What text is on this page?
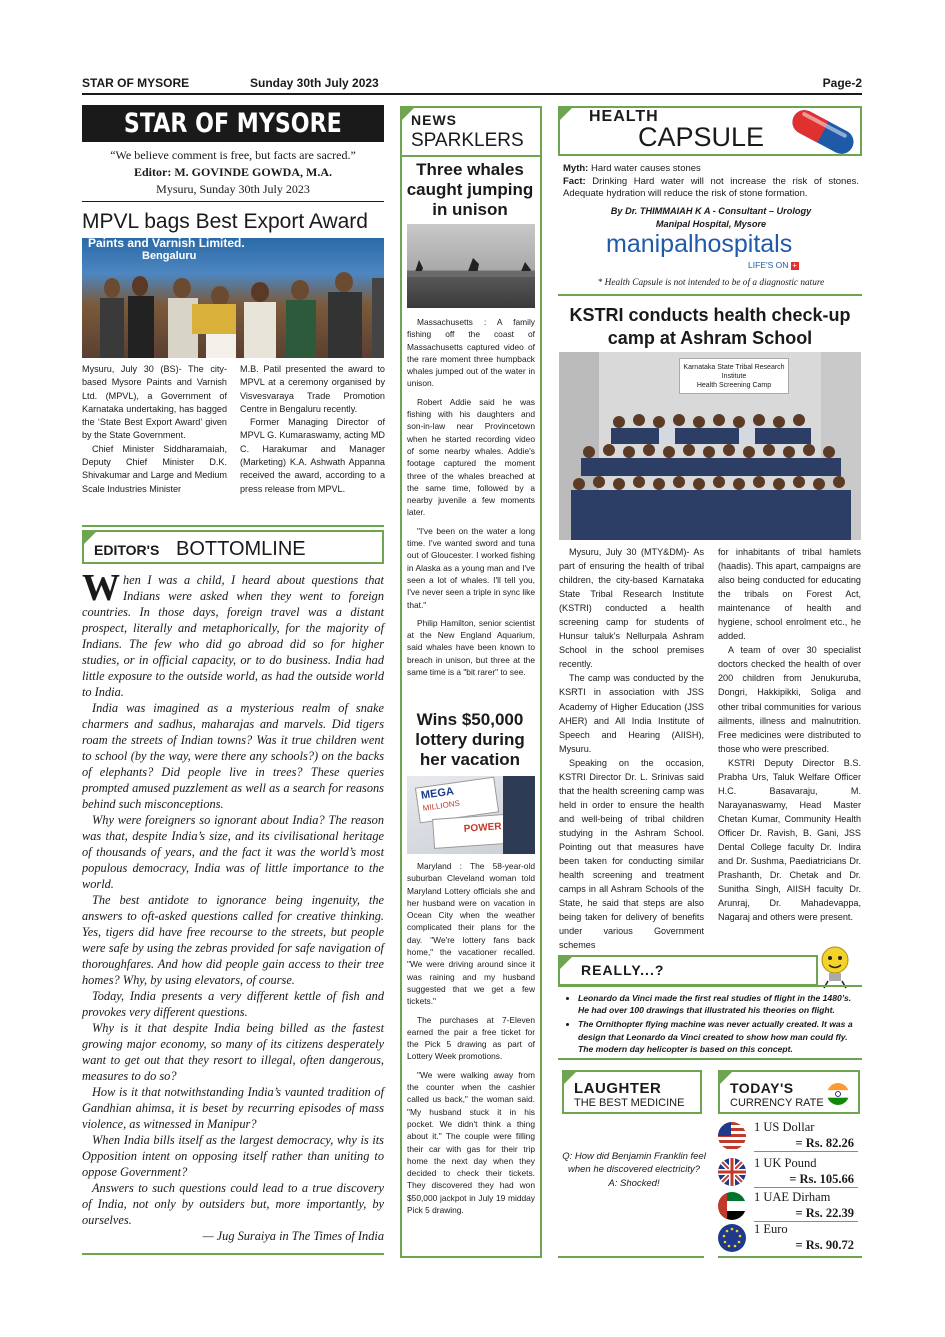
STAR OF MYSORE	Sunday 30th July 2023	Page-2
STAR OF MYSORE
“We believe comment is free, but facts are sacred.”
Editor: M. GOVINDE GOWDA, M.A.
Mysuru, Sunday 30th July 2023
MPVL bags Best Export Award
Paints and Varnish Limited.
Bengaluru

Mysuru, July 30 (BS)- The city-based Mysore Paints and Varnish Ltd. (MPVL), a Government of Karnataka undertaking, has bagged the ‘State Best Export Award’ given by the State Government.

Chief Minister Siddharamaiah, Deputy Chief Minister D.K. Shivakumar and Large and Medium Scale Industries Minister

M.B. Patil presented the award to MPVL at a ceremony organised by Visvesvaraya Trade Promotion Centre in Bengaluru recently.

Former Managing Director of MPVL G. Kumaraswamy, acting MD C. Harakumar and Manager (Marketing) K.A. Ashwath Appanna received the award, according to a press release from MPVL.

EDITOR'S BOTTOMLINE

When I was a child, I heard about questions that Indians were asked when they went to foreign countries. In those days, foreign travel was a distant prospect, literally and metaphorically, for the majority of Indians. The few who did go abroad did so for higher studies, or in official capacity, or to do business. India had little exposure to the outside world, as had the outside world to India.

India was imagined as a mysterious realm of snake charmers and sadhus, maharajas and marvels. Did tigers roam the streets of Indian towns? Was it true children went to school (by the way, were there any schools?) on the backs of elephants? Did people live in trees? These queries prompted amused puzzlement as well as a search for reasons behind such misconceptions.

Why were foreigners so ignorant about India? The reason was that, despite India’s size, and its civilisational heritage of thousands of years, and the fact it was the world’s most populous democracy, India was of little importance to the world.

The best antidote to ignorance being ingenuity, the answers to oft-asked questions called for creative thinking. Yes, tigers did have free recourse to the streets, but people were safe by using the zebras provided for safe navigation of thoroughfares. And how did people gain access to their tree homes? Why, by using elevators, of course.

Today, India presents a very different kettle of fish and provokes very different questions.

Why is it that despite India being billed as the fastest growing major economy, so many of its citizens desperately want to get out that they resort to illegal, often dangerous, measures to do so?

How is it that notwithstanding India’s vaunted tradition of Gandhian ahimsa, it is beset by recurring episodes of mass violence, as witnessed in Manipur?

When India bills itself as the largest democracy, why is its Opposition intent on opposing itself rather than uniting to oppose Government?

Answers to such questions could lead to a true discovery of India, not only by outsiders but, more importantly, by ourselves.

— Jug Suraiya in The Times of India

NEWS
SPARKLERS
Three whales caught jumping in unison

Massachusetts : A family fishing off the coast of Massachusetts captured video of the rare moment three humpback whales jumped out of the water in unison.

Robert Addie said he was fishing with his daughters and son-in-law near Provincetown when he started recording video of some nearby whales. Addie's footage captured the moment three of the whales breached at the same time, followed by a nearby juvenile a few moments later.

"I've been on the water a long time. I've wanted sword and tuna out of Gloucester. I worked fishing in Alaska as a young man and I've seen a lot of whales. I'll tell you, I've never seen a triple in sync like that."

Philip Hamilton, senior scientist at the New England Aquarium, said whales have been known to breach in unison, but three at the same time is a "bit rarer" to see.

Wins $50,000 lottery during her vacation
MEGA
MILLIONS
POWER

Maryland : The 58-year-old suburban Cleveland woman told Maryland Lottery officials she and her husband were on vacation in Ocean City when the weather complicated their plans for the day. "We're lottery fans back home," the vacationer recalled. "We were driving around since it was raining and my husband suggested that we get a few tickets."

The purchases at 7-Eleven earned the pair a free ticket for the Pick 5 drawing as part of Lottery Week promotions.

"We were walking away from the counter when the cashier called us back," the woman said. "My husband stuck it in his pocket. We didn't think a thing about it." The couple were filling their car with gas for their trip home the next day when they decided to check their tickets. They discovered they had won $50,000 jackpot in July 19 midday Pick 5 drawing.

HEALTH
CAPSULE
Myth: Hard water causes stones
Fact: Drinking Hard water will not increase the risk of stones. Adequate hydration will reduce the risk of stone formation.
By Dr. THIMMAIAH K A - Consultant – Urology
Manipal Hospital, Mysore
manipalhospitals
LIFE'S ON +
* Health Capsule is not intended to be of a diagnostic nature
KSTRI conducts health check-up camp at Ashram School
Karnataka State Tribal Research Institute
Health Screening Camp

Mysuru, July 30 (MTY&DM)- As part of ensuring the health of tribal children, the city-based Karnataka State Tribal Research Institute (KSTRI) conducted a health screening camp for students of Hunsur taluk’s Nellurpala Ashram School in the school premises recently.

The camp was conducted by the KSRTI in association with JSS Academy of Higher Education (JSS AHER) and All India Institute of Speech and Hearing (AIISH), Mysuru.

Speaking on the occasion, KSTRI Director Dr. L. Srinivas said that the health screening camp was held in order to ensure the health and well-being of tribal children studying in the Ashram School. Pointing out that measures have been taken for conducting similar health screening and treatment camps in all Ashram Schools of the State, he said that steps are also being taken for delivery of benefits under various Government schemes

for inhabitants of tribal hamlets (haadis). This apart, campaigns are also being conducted for educating the tribals on Forest Act, maintenance of health and hygiene, school enrolment etc., he added.

A team of over 30 specialist doctors checked the health of over 200 children from Jenukuruba, Dongri, Hakkipikki, Soliga and other tribal communities for various ailments, illness and malnutrition. Free medicines were distributed to those who were prescribed.

KSTRI Deputy Director B.S. Prabha Urs, Taluk Welfare Officer H.C. Basavaraju, M. Narayanaswamy, Head Master Chetan Kumar, Community Health Officer Dr. Ravish, B. Gani, JSS Dental College faculty Dr. Indira and Dr. Sushma, Paediatricians Dr. Prashanth, Dr. Chetak and Dr. Sunitha Singh, AIISH faculty Dr. Arunraj, Dr. Mahadevappa, Nagaraj and others were present.

REALLY...?
• Leonardo da Vinci made the first real studies of flight in the 1480’s. He had over 100 drawings that illustrated his theories on flight.
• The Ornithopter flying machine was never actually created. It was a design that Leonardo da Vinci created to show how man could fly. The modern day helicopter is based on this concept.
LAUGHTER
THE BEST MEDICINE
Q: How did Benjamin Franklin feel when he discovered electricity?
A: Shocked!
TODAY'S
CURRENCY RATE
1 US Dollar
= Rs. 82.26
1 UK Pound
= Rs. 105.66
1 UAE Dirham
= Rs. 22.39
1 Euro
= Rs. 90.72
